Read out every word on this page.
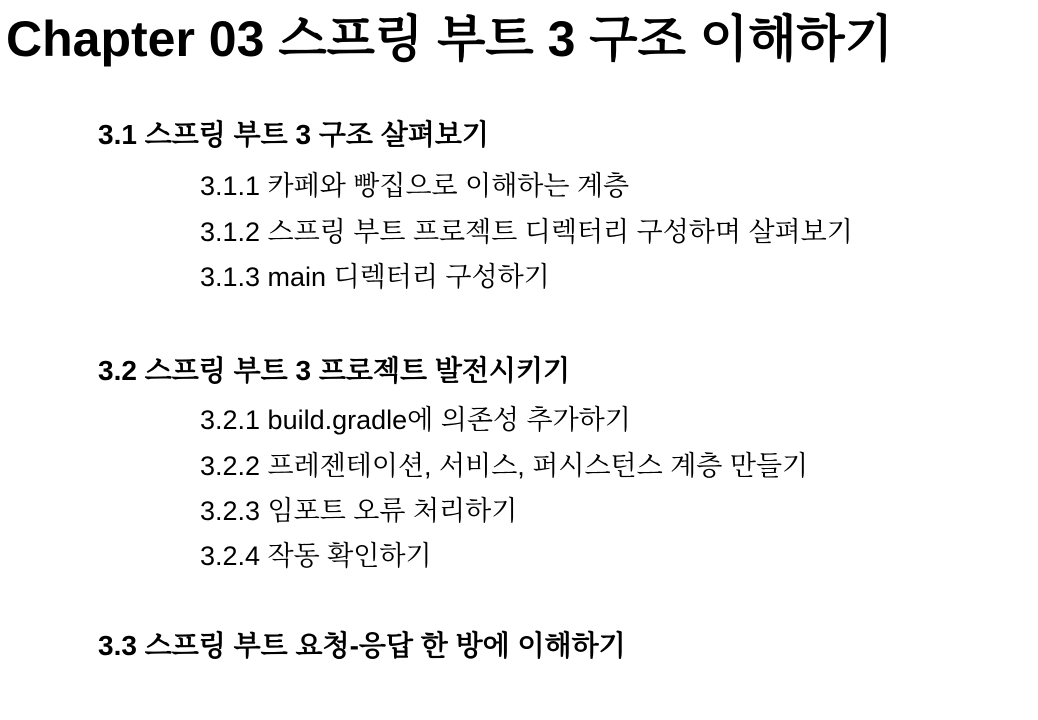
Chapter 03 스프링 부트 3 구조 이해하기
3.1 스프링 부트 3 구조 살펴보기

3.1.1 카페와 빵집으로 이해하는 계층

3.1.2 스프링 부트 프로젝트 디렉터리 구성하며 살펴보기

3.1.3 main 디렉터리 구성하기

3.2 스프링 부트 3 프로젝트 발전시키기

3.2.1 build.gradle에 의존성 추가하기

3.2.2 프레젠테이션, 서비스, 퍼시스턴스 계층 만들기

3.2.3 임포트 오류 처리하기

3.2.4 작동 확인하기

3.3 스프링 부트 요청-응답 한 방에 이해하기
